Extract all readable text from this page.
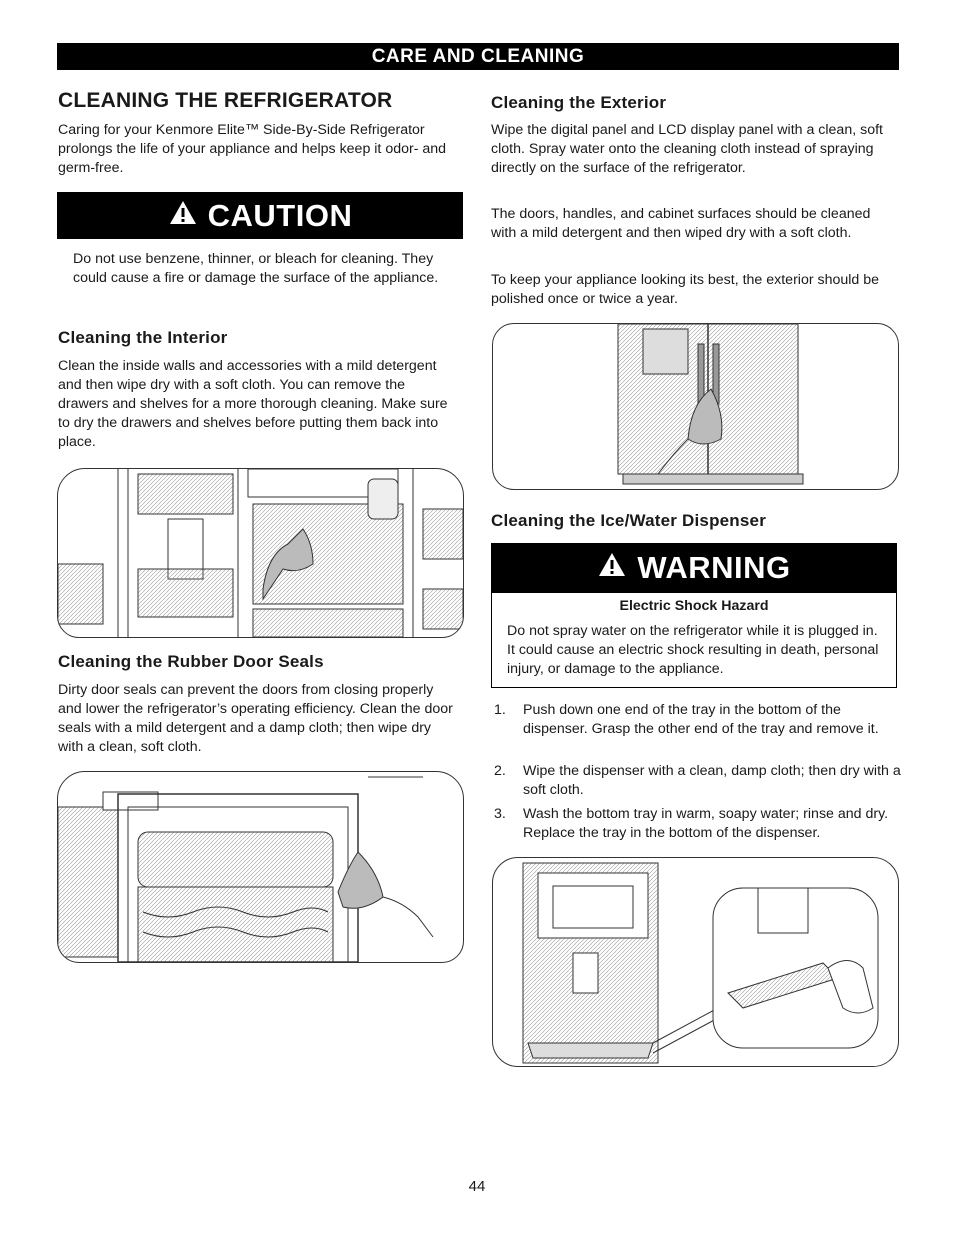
CARE AND CLEANING
CLEANING THE REFRIGERATOR

Caring for your Kenmore Elite™ Side-By-Side Refrigerator prolongs the life of your appliance and helps keep it odor- and germ-free.

CAUTION

Do not use benzene, thinner, or bleach for cleaning. They could cause a fire or damage the surface of the appliance.

Cleaning the Interior

Clean the inside walls and accessories with a mild detergent and then wipe dry with a soft cloth. You can remove the drawers and shelves for a more thorough cleaning. Make sure to dry the drawers and shelves before putting them back into place.

Cleaning the Rubber Door Seals

Dirty door seals can prevent the doors from closing properly and lower the refrigerator’s operating efficiency. Clean the door seals with a mild detergent and a damp cloth; then wipe dry with a clean, soft cloth.

Cleaning the Exterior

Wipe the digital panel and LCD display panel with a clean, soft cloth. Spray water onto the cleaning cloth instead of spraying directly on the surface of the refrigerator.

The doors, handles, and cabinet surfaces should be cleaned with a mild detergent and then wiped dry with a soft cloth.

To keep your appliance looking its best, the exterior should be polished once or twice a year.

Cleaning the Ice/Water Dispenser
WARNING
Electric Shock Hazard

Do not spray water on the refrigerator while it is plugged in. It could cause an electric shock resulting in death, personal injury, or damage to the appliance.

1. Push down one end of the tray in the bottom of the dispenser. Grasp the other end of the tray and remove it.
2. Wipe the dispenser with a clean, damp cloth; then dry with a soft cloth.
3. Wash the bottom tray in warm, soapy water; rinse and dry. Replace the tray in the bottom of the dispenser.
44
